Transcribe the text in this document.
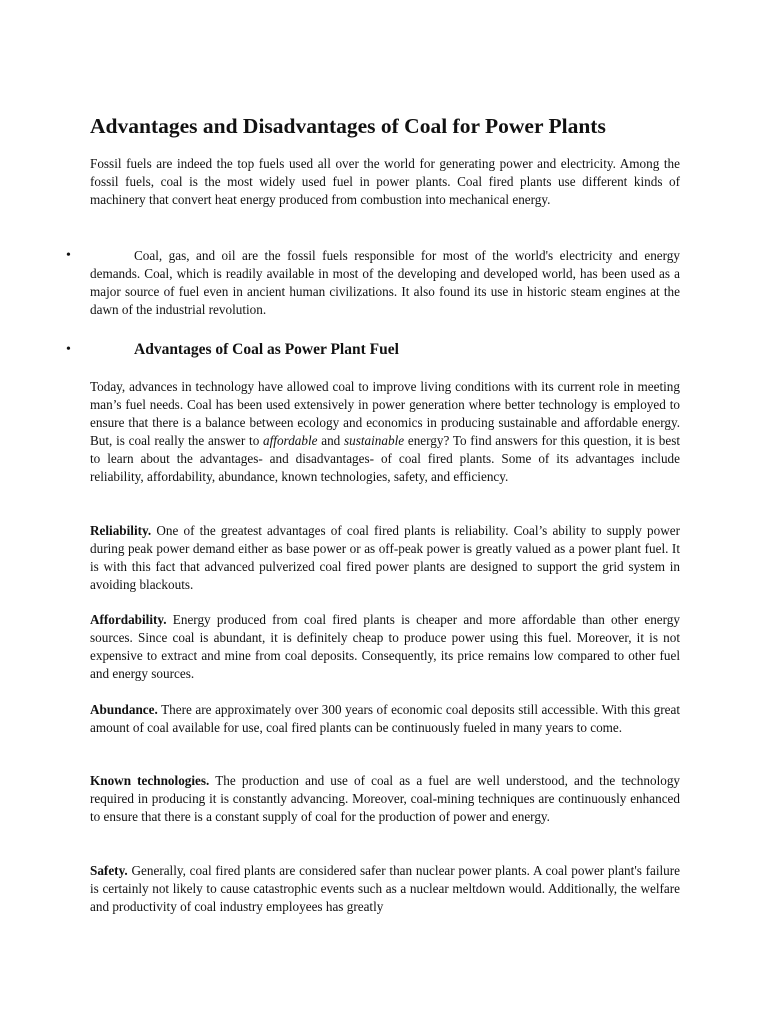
Advantages and Disadvantages of Coal for Power Plants

Fossil fuels are indeed the top fuels used all over the world for generating power and electricity. Among the fossil fuels, coal is the most widely used fuel in power plants. Coal fired plants use different kinds of machinery that convert heat energy produced from combustion into mechanical energy.

•	Coal, gas, and oil are the fossil fuels responsible for most of the world's electricity and energy demands. Coal, which is readily available in most of the developing and developed world, has been used as a major source of fuel even in ancient human civilizations. It also found its use in historic steam engines at the dawn of the industrial revolution.

•	Advantages of Coal as Power Plant Fuel

Today, advances in technology have allowed coal to improve living conditions with its current role in meeting man’s fuel needs. Coal has been used extensively in power generation where better technology is employed to ensure that there is a balance between ecology and economics in producing sustainable and affordable energy. But, is coal really the answer to affordable and sustainable energy? To find answers for this question, it is best to learn about the advantages- and disadvantages- of coal fired plants. Some of its advantages include reliability, affordability, abundance, known technologies, safety, and efficiency.

Reliability. One of the greatest advantages of coal fired plants is reliability. Coal’s ability to supply power during peak power demand either as base power or as off-peak power is greatly valued as a power plant fuel. It is with this fact that advanced pulverized coal fired power plants are designed to support the grid system in avoiding blackouts.

Affordability. Energy produced from coal fired plants is cheaper and more affordable than other energy sources. Since coal is abundant, it is definitely cheap to produce power using this fuel. Moreover, it is not expensive to extract and mine from coal deposits. Consequently, its price remains low compared to other fuel and energy sources.

Abundance. There are approximately over 300 years of economic coal deposits still accessible. With this great amount of coal available for use, coal fired plants can be continuously fueled in many years to come.

Known technologies. The production and use of coal as a fuel are well understood, and the technology required in producing it is constantly advancing. Moreover, coal-mining techniques are continuously enhanced to ensure that there is a constant supply of coal for the production of power and energy.

Safety. Generally, coal fired plants are considered safer than nuclear power plants. A coal power plant's failure is certainly not likely to cause catastrophic events such as a nuclear meltdown would. Additionally, the welfare and productivity of coal industry employees has greatly
